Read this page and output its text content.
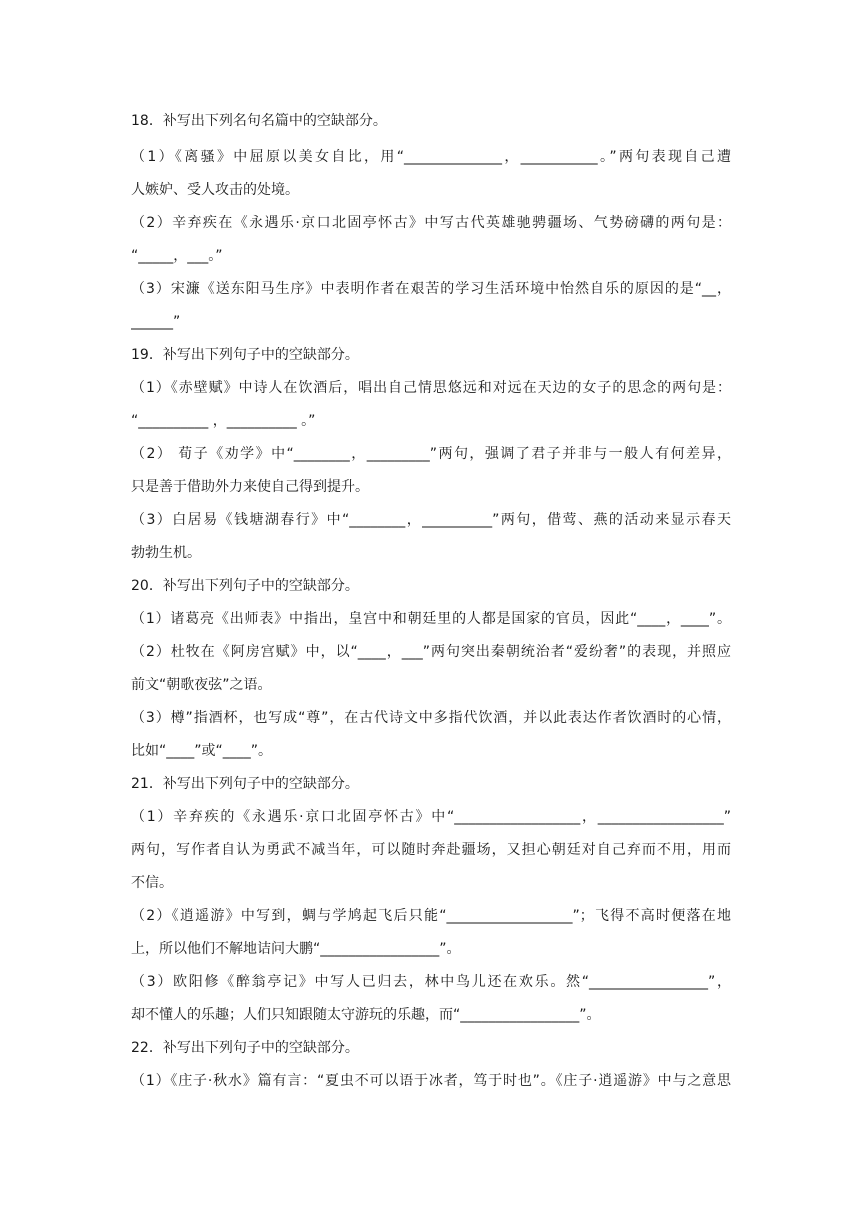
18．补写出下列名句名篇中的空缺部分。
（1）《离骚》中屈原以美女自比，用“______________，___________。”两句表现自己遭
人嫉妒、受人攻击的处境。
（2）辛弃疾在《永遇乐·京口北固亭怀古》中写古代英雄驰骋疆场、气势磅礴的两句是：
“_____，___。”
（3）宋濂《送东阳马生序》中表明作者在艰苦的学习生活环境中怡然自乐的原因的是“__，
______”
19．补写出下列句子中的空缺部分。
（1）《赤壁赋》中诗人在饮酒后，唱出自己情思悠远和对远在天边的女子的思念的两句是：
“__________ ，__________ 。”
（2） 荀子《劝学》中“________，_________”两句，强调了君子并非与一般人有何差异，
只是善于借助外力来使自己得到提升。
（3）白居易《钱塘湖春行》中“________，__________”两句，借莺、燕的活动来显示春天
勃勃生机。
20．补写出下列句子中的空缺部分。
（1）诸葛亮《出师表》中指出，皇宫中和朝廷里的人都是国家的官员，因此“____，____”。
（2）杜牧在《阿房宫赋》中，以“____，___”两句突出秦朝统治者“爱纷奢”的表现，并照应
前文“朝歌夜弦”之语。
（3）樽”指酒杯，也写成“尊”，在古代诗文中多指代饮酒，并以此表达作者饮酒时的心情，
比如“____”或“____”。
21．补写出下列句子中的空缺部分。
（1）辛弃疾的《永遇乐·京口北固亭怀古》中“__________________，__________________”
两句，写作者自认为勇武不减当年，可以随时奔赴疆场，又担心朝廷对自己弃而不用，用而
不信。
（2）《逍遥游》中写到，蜩与学鸠起飞后只能“__________________”；飞得不高时便落在地
上，所以他们不解地诘问大鹏“_________________”。
（3）欧阳修《醉翁亭记》中写人已归去，林中鸟儿还在欢乐。然“_________________”，
却不懂人的乐趣；人们只知跟随太守游玩的乐趣，而“_________________”。
22．补写出下列句子中的空缺部分。
（1）《庄子·秋水》篇有言：“夏虫不可以语于冰者，笃于时也”。《庄子·逍遥游》中与之意思
